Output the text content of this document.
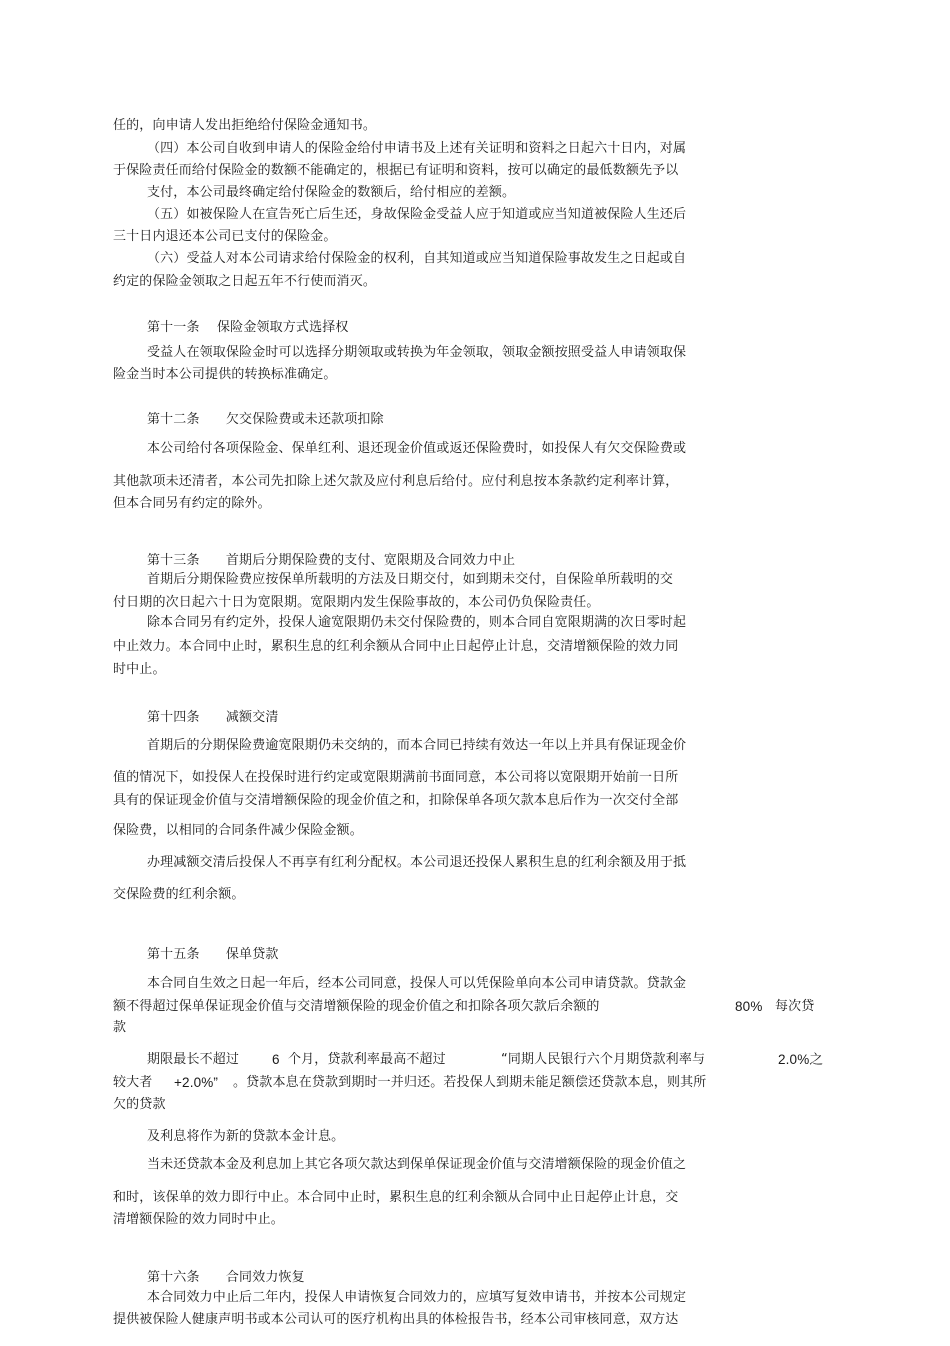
任的，向申请人发出拒绝给付保险金通知书。

（四）本公司自收到申请人的保险金给付申请书及上述有关证明和资料之日起六十日内，对属

于保险责任而给付保险金的数额不能确定的，根据已有证明和资料，按可以确定的最低数额先予以

支付，本公司最终确定给付保险金的数额后，给付相应的差额。

（五）如被保险人在宣告死亡后生还，身故保险金受益人应于知道或应当知道被保险人生还后

三十日内退还本公司已支付的保险金。

（六）受益人对本公司请求给付保险金的权利，自其知道或应当知道保险事故发生之日起或自

约定的保险金领取之日起五年不行使而消灭。

第十一条　 保险金领取方式选择权

受益人在领取保险金时可以选择分期领取或转换为年金领取，领取金额按照受益人申请领取保

险金当时本公司提供的转换标准确定。

第十二条　　欠交保险费或未还款项扣除

本公司给付各项保险金、保单红利、退还现金价值或返还保险费时，如投保人有欠交保险费或

其他款项未还清者，本公司先扣除上述欠款及应付利息后给付。应付利息按本条款约定利率计算，

但本合同另有约定的除外。

第十三条　　首期后分期保险费的支付、宽限期及合同效力中止

首期后分期保险费应按保单所载明的方法及日期交付，如到期未交付，自保险单所载明的交

付日期的次日起六十日为宽限期。宽限期内发生保险事故的，本公司仍负保险责任。

除本合同另有约定外，投保人逾宽限期仍未交付保险费的，则本合同自宽限期满的次日零时起

中止效力。本合同中止时，累积生息的红利余额从合同中止日起停止计息，交清增额保险的效力同

时中止。

第十四条　　减额交清

首期后的分期保险费逾宽限期仍未交纳的，而本合同已持续有效达一年以上并具有保证现金价

值的情况下，如投保人在投保时进行约定或宽限期满前书面同意，本公司将以宽限期开始前一日所

具有的保证现金价值与交清增额保险的现金价值之和，扣除保单各项欠款本息后作为一次交付全部

保险费，以相同的合同条件减少保险金额。

办理减额交清后投保人不再享有红利分配权。本公司退还投保人累积生息的红利余额及用于抵

交保险费的红利余额。

第十五条　　保单贷款

本合同自生效之日起一年后，经本公司同意，投保人可以凭保险单向本公司申请贷款。贷款金

额不得超过保单保证现金价值与交清增额保险的现金价值之和扣除各项欠款后余额的	80% 每次贷

款

期限最长不超过 6 个月，贷款利率最高不超过	“同期人民银行六个月期贷款利率与	2.0%之

较大者 +2.0%” 。贷款本息在贷款到期时一并归还。若投保人到期未能足额偿还贷款本息，则其所

欠的贷款

及利息将作为新的贷款本金计息。

当未还贷款本金及利息加上其它各项欠款达到保单保证现金价值与交清增额保险的现金价值之

和时，该保单的效力即行中止。本合同中止时，累积生息的红利余额从合同中止日起停止计息，交

清增额保险的效力同时中止。

第十六条　　合同效力恢复

本合同效力中止后二年内，投保人申请恢复合同效力的，应填写复效申请书，并按本公司规定

提供被保险人健康声明书或本公司认可的医疗机构出具的体检报告书，经本公司审核同意，双方达
